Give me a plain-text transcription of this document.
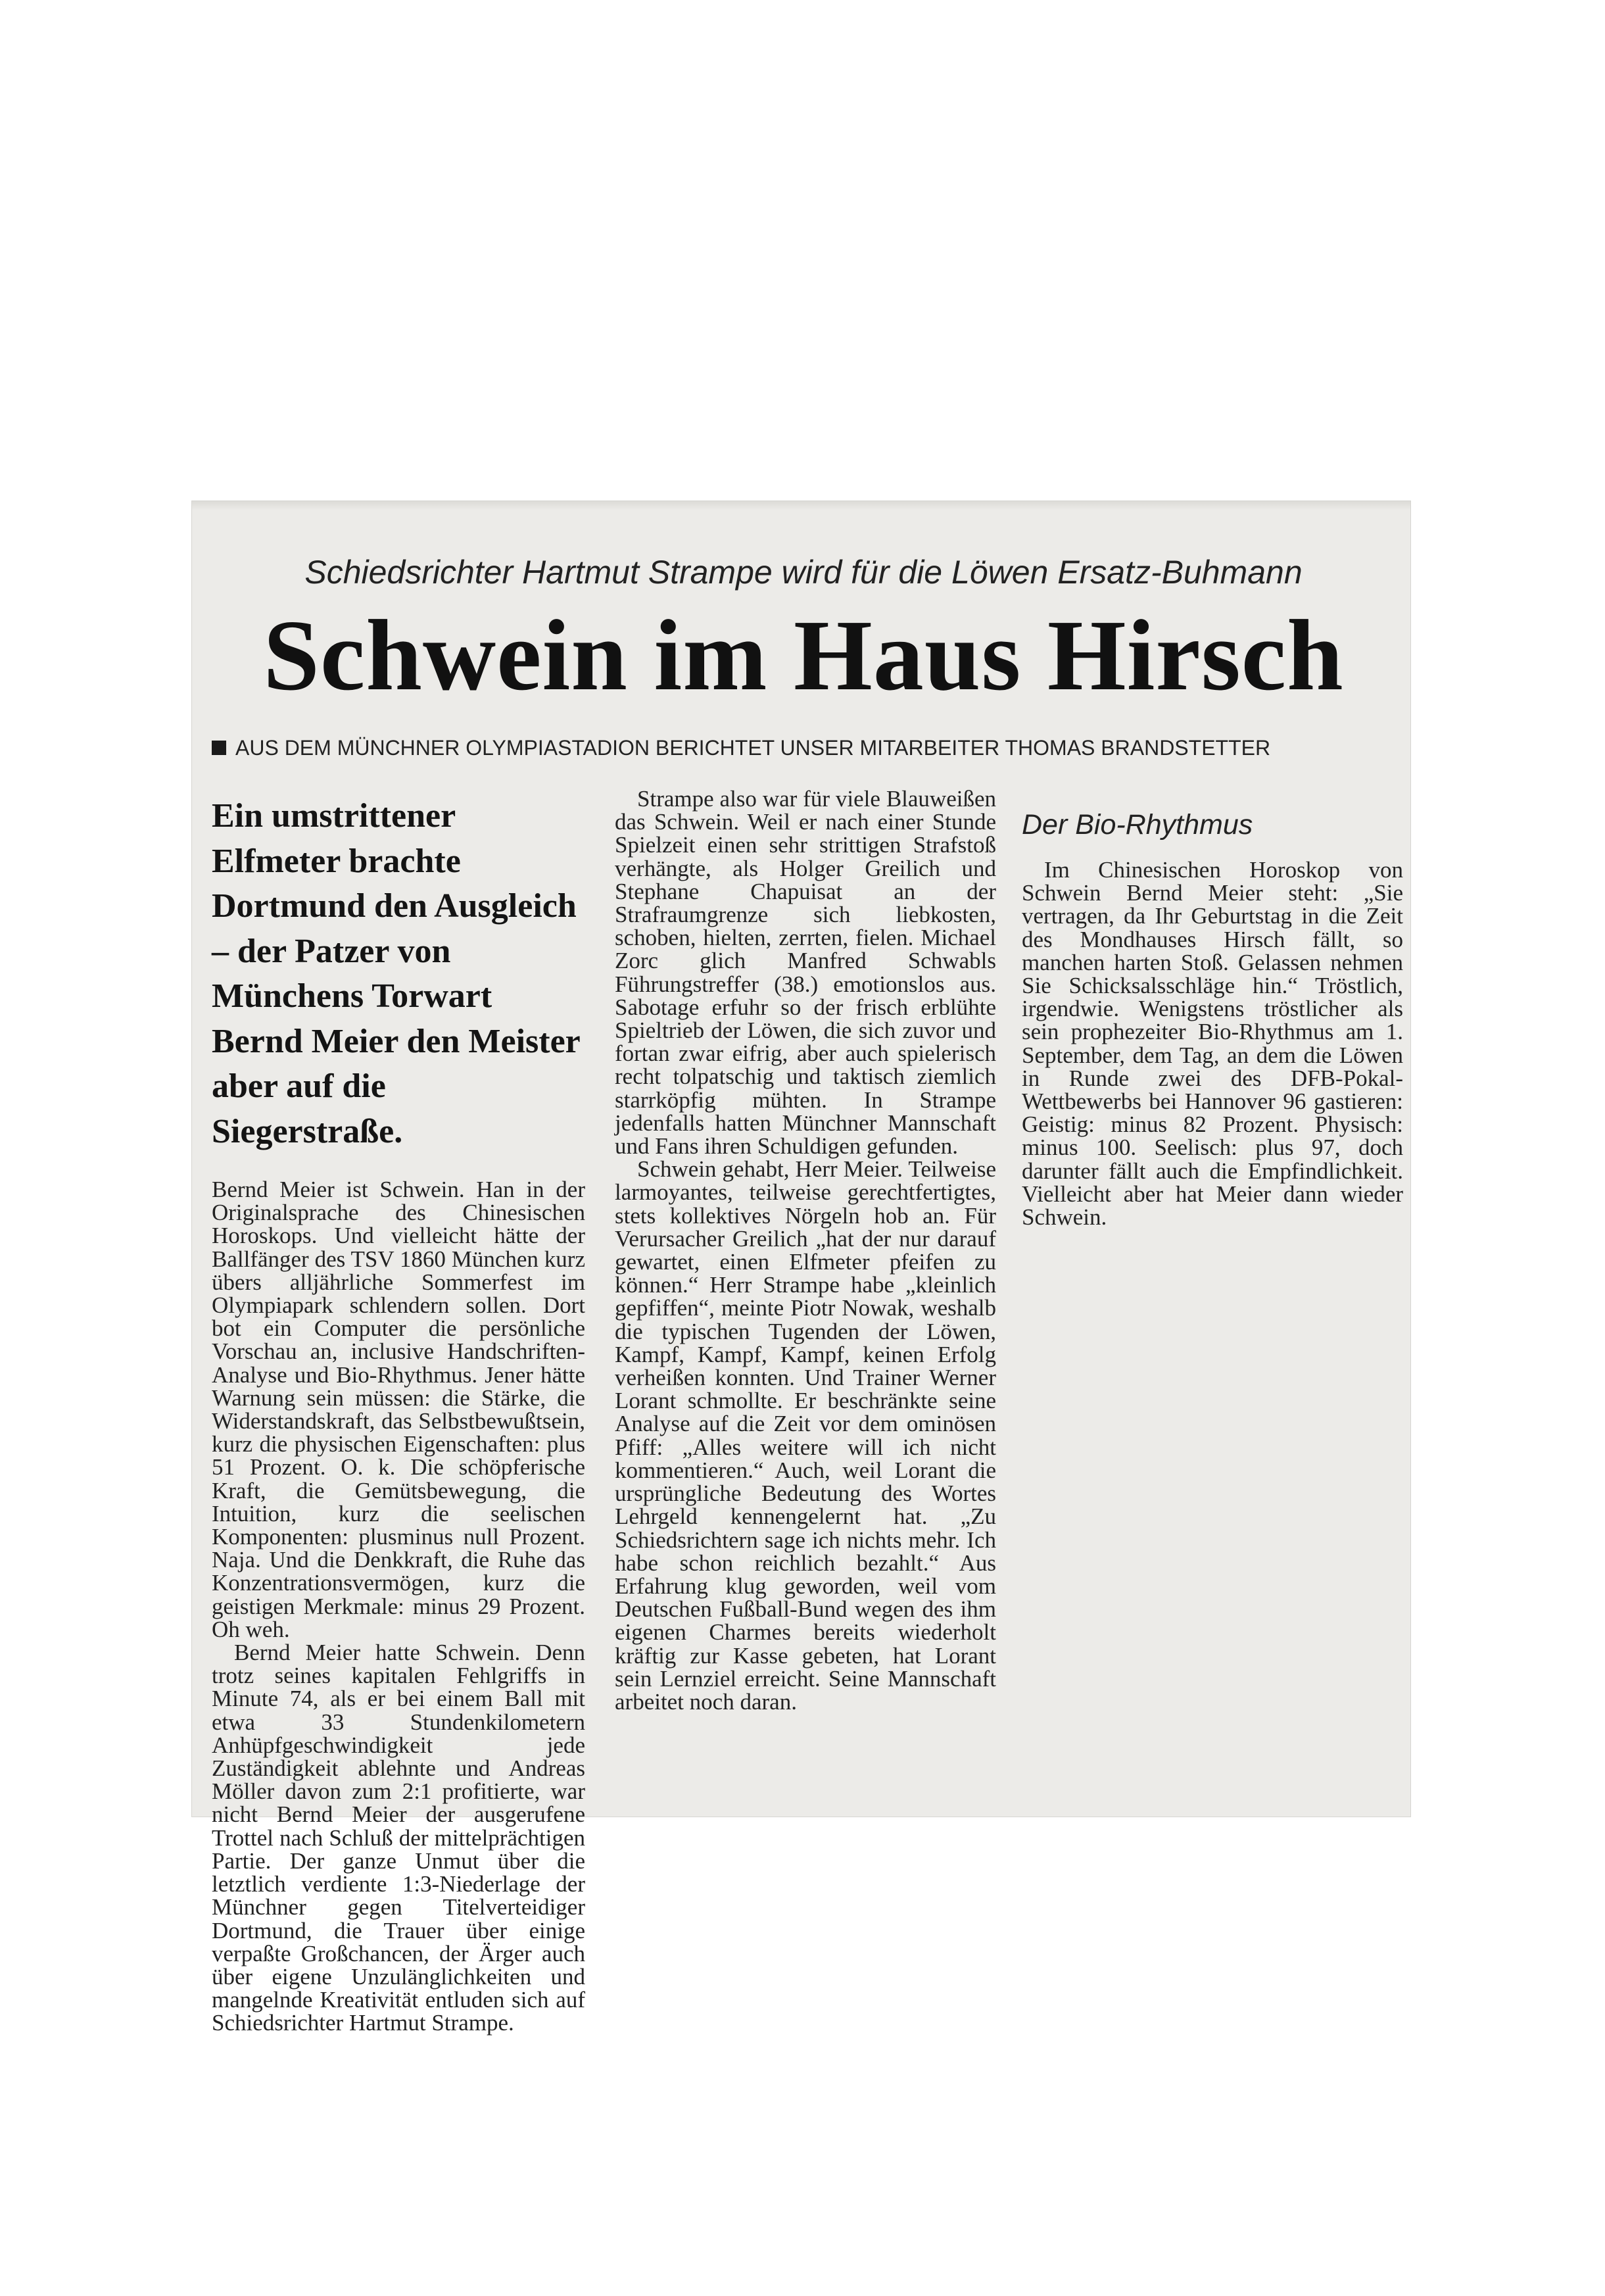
Schiedsrichter Hartmut Strampe wird für die Löwen Ersatz-Buhmann
Schwein im Haus Hirsch
AUS DEM MÜNCHNER OLYMPIASTADION BERICHTET UNSER MITARBEITER THOMAS BRANDSTETTER
Ein umstrittener Elfmeter brachte Dortmund den Ausgleich – der Patzer von Münchens Torwart Bernd Meier den Meister aber auf die Siegerstraße.

Bernd Meier ist Schwein. Han in der Originalsprache des Chinesischen Horoskops. Und vielleicht hätte der Ballfänger des TSV 1860 München kurz übers alljährliche Sommerfest im Olympiapark schlendern sollen. Dort bot ein Computer die persönliche Vorschau an, inclusive Handschriften-Analyse und Bio-Rhythmus. Jener hätte Warnung sein müssen: die Stärke, die Widerstandskraft, das Selbstbewußtsein, kurz die physischen Eigenschaften: plus 51 Prozent. O. k. Die schöpferische Kraft, die Gemütsbewegung, die Intuition, kurz die seelischen Komponenten: plusminus null Prozent. Naja. Und die Denkkraft, die Ruhe das Konzentrationsvermögen, kurz die geistigen Merkmale: minus 29 Prozent. Oh weh.

Bernd Meier hatte Schwein. Denn trotz seines kapitalen Fehlgriffs in Minute 74, als er bei einem Ball mit etwa 33 Stundenkilometern Anhüpfgeschwindigkeit jede Zuständigkeit ablehnte und Andreas Möller davon zum 2:1 profitierte, war nicht Bernd Meier der ausgerufene Trottel nach Schluß der mittelprächtigen Partie. Der ganze Unmut über die letztlich verdiente 1:3-Niederlage der Münchner gegen Titelverteidiger Dortmund, die Trauer über einige verpaßte Großchancen, der Ärger auch über eigene Unzulänglichkeiten und mangelnde Kreativität entluden sich auf Schiedsrichter Hartmut Strampe.

Strampe also war für viele Blauweißen das Schwein. Weil er nach einer Stunde Spielzeit einen sehr strittigen Strafstoß verhängte, als Holger Greilich und Stephane Chapuisat an der Strafraumgrenze sich liebkosten, schoben, hielten, zerrten, fielen. Michael Zorc glich Manfred Schwabls Führungstreffer (38.) emotionslos aus. Sabotage erfuhr so der frisch erblühte Spieltrieb der Löwen, die sich zuvor und fortan zwar eifrig, aber auch spielerisch recht tolpatschig und taktisch ziemlich starrköpfig mühten. In Strampe jedenfalls hatten Münchner Mannschaft und Fans ihren Schuldigen gefunden.

Schwein gehabt, Herr Meier. Teilweise larmoyantes, teilweise gerechtfertigtes, stets kollektives Nörgeln hob an. Für Verursacher Greilich „hat der nur darauf gewartet, einen Elfmeter pfeifen zu können.“ Herr Strampe habe „kleinlich gepfiffen“, meinte Piotr Nowak, weshalb die typischen Tugenden der Löwen, Kampf, Kampf, Kampf, keinen Erfolg verheißen konnten. Und Trainer Werner Lorant schmollte. Er beschränkte seine Analyse auf die Zeit vor dem ominösen Pfiff: „Alles weitere will ich nicht kommentieren.“ Auch, weil Lorant die ursprüngliche Bedeutung des Wortes Lehrgeld kennengelernt hat. „Zu Schiedsrichtern sage ich nichts mehr. Ich habe schon reichlich bezahlt.“ Aus Erfahrung klug geworden, weil vom Deutschen Fußball-Bund wegen des ihm eigenen Charmes bereits wiederholt kräftig zur Kasse gebeten, hat Lorant sein Lernziel erreicht. Seine Mannschaft arbeitet noch daran.

Der Bio-Rhythmus

Im Chinesischen Horoskop von Schwein Bernd Meier steht: „Sie vertragen, da Ihr Geburtstag in die Zeit des Mondhauses Hirsch fällt, so manchen harten Stoß. Gelassen nehmen Sie Schicksalsschläge hin.“ Tröstlich, irgendwie. Wenigstens tröstlicher als sein prophezeiter Bio-Rhythmus am 1. September, dem Tag, an dem die Löwen in Runde zwei des DFB-Pokal-Wettbewerbs bei Hannover 96 gastieren: Geistig: minus 82 Prozent. Physisch: minus 100. Seelisch: plus 97, doch darunter fällt auch die Empfindlichkeit. Vielleicht aber hat Meier dann wieder Schwein.
